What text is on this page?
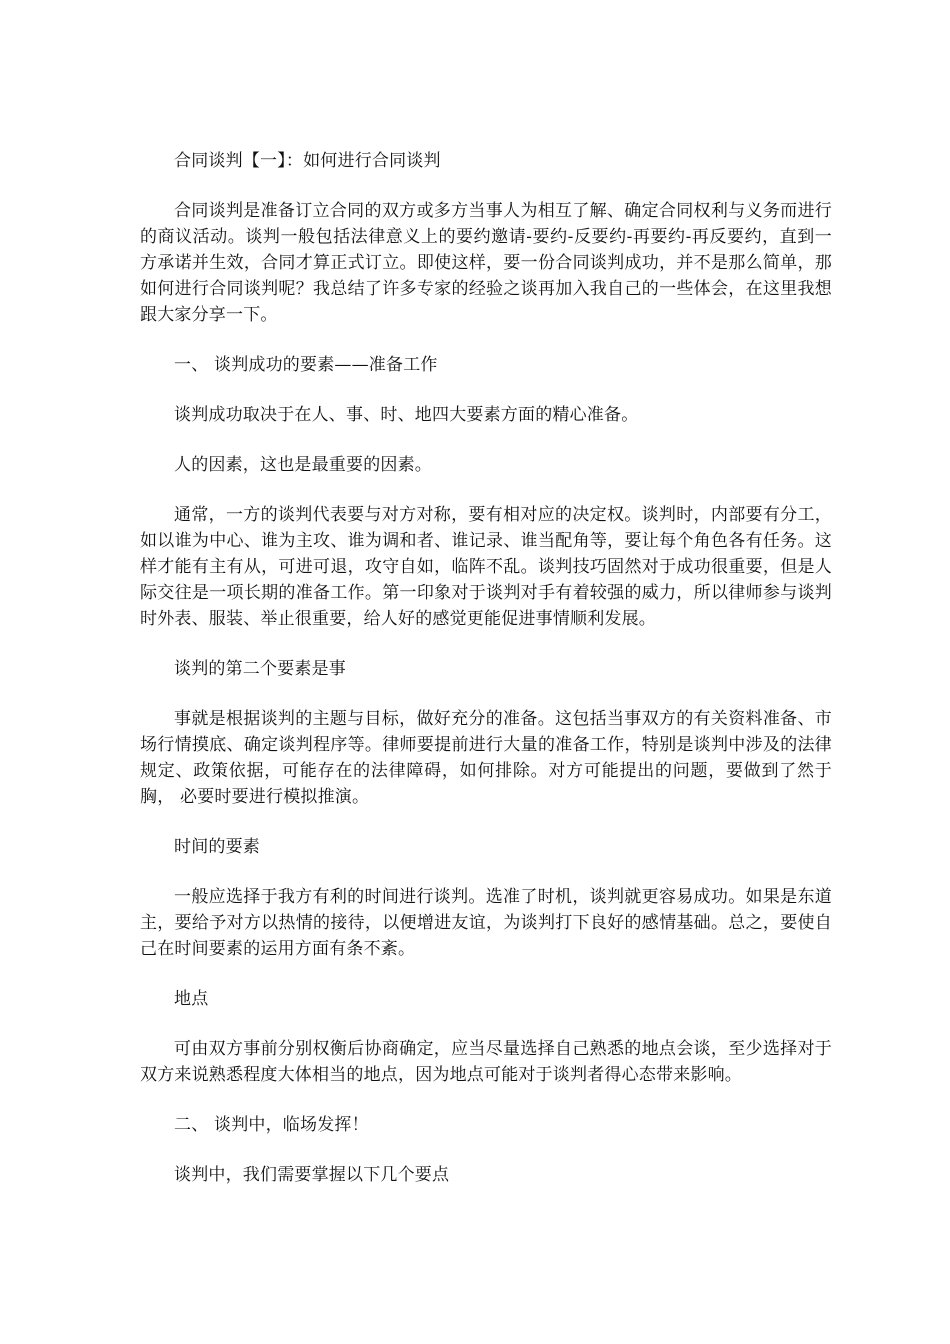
合同谈判【一】：如何进行合同谈判

合同谈判是准备订立合同的双方或多方当事人为相互了解、确定合同权利与义务而进行的商议活动。谈判一般包括法律意义上的要约邀请-要约-反要约-再要约-再反要约，直到一方承诺并生效，合同才算正式订立。即使这样，要一份合同谈判成功，并不是那么简单，那如何进行合同谈判呢？我总结了许多专家的经验之谈再加入我自己的一些体会，在这里我想跟大家分享一下。

一、 谈判成功的要素——准备工作

谈判成功取决于在人、事、时、地四大要素方面的精心准备。

人的因素，这也是最重要的因素。

通常，一方的谈判代表要与对方对称，要有相对应的决定权。谈判时，内部要有分工，如以谁为中心、谁为主攻、谁为调和者、谁记录、谁当配角等，要让每个角色各有任务。这样才能有主有从，可进可退，攻守自如，临阵不乱。谈判技巧固然对于成功很重要，但是人际交往是一项长期的准备工作。第一印象对于谈判对手有着较强的威力，所以律师参与谈判时外表、服装、举止很重要，给人好的感觉更能促进事情顺利发展。

谈判的第二个要素是事

事就是根据谈判的主题与目标，做好充分的准备。这包括当事双方的有关资料准备、市场行情摸底、确定谈判程序等。律师要提前进行大量的准备工作，特别是谈判中涉及的法律规定、政策依据，可能存在的法律障碍，如何排除。对方可能提出的问题，要做到了然于胸， 必要时要进行模拟推演。

时间的要素

一般应选择于我方有利的时间进行谈判。选准了时机，谈判就更容易成功。如果是东道主，要给予对方以热情的接待，以便增进友谊，为谈判打下良好的感情基础。总之，要使自己在时间要素的运用方面有条不紊。

地点

可由双方事前分别权衡后协商确定，应当尽量选择自己熟悉的地点会谈，至少选择对于双方来说熟悉程度大体相当的地点，因为地点可能对于谈判者得心态带来影响。

二、 谈判中，临场发挥！

谈判中，我们需要掌握以下几个要点
